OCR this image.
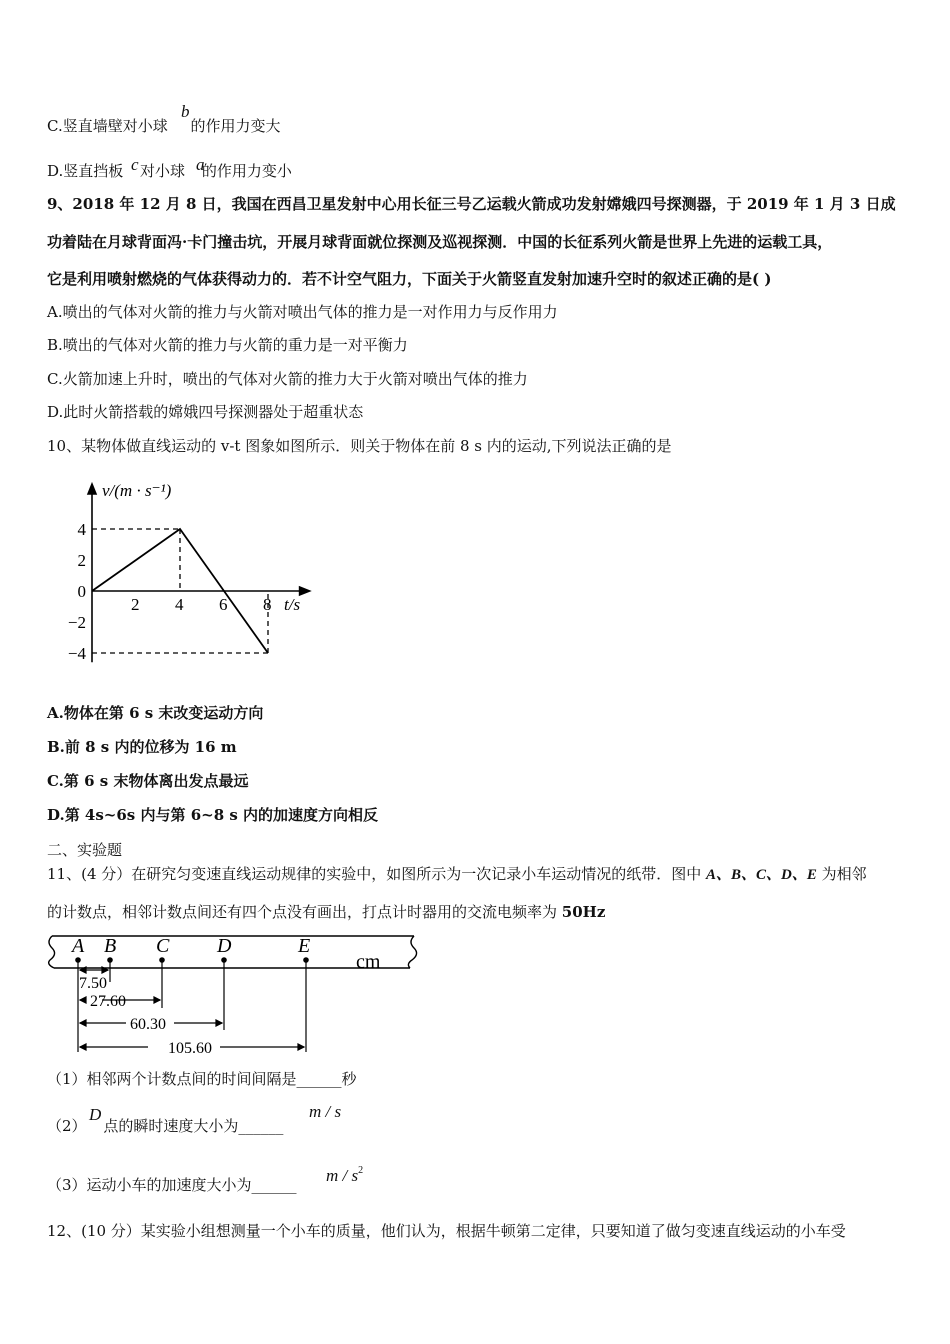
C.竖直墙壁对小球
b
的作用力变大
D.竖直挡板 c 对小球 a
的作用力变小
9、2018 年 12 月 8 日，我国在西昌卫星发射中心用长征三号乙运载火箭成功发射嫦娥四号探测器，于 2019 年 1 月 3 日成
功着陆在月球背面冯·卡门撞击坑，开展月球背面就位探测及巡视探测．中国的长征系列火箭是世界上先进的运载工具，
它是利用喷射燃烧的气体获得动力的．若不计空气阻力，下面关于火箭竖直发射加速升空时的叙述正确的是( )
A.喷出的气体对火箭的推力与火箭对喷出气体的推力是一对作用力与反作用力
B.喷出的气体对火箭的推力与火箭的重力是一对平衡力
C.火箭加速上升时，喷出的气体对火箭的推力大于火箭对喷出气体的推力
D.此时火箭搭载的嫦娥四号探测器处于超重状态
10、某物体做直线运动的 v-t 图象如图所示．则关于物体在前 8 s 内的运动,下列说法正确的是
2 4 6 8
4
2
0
−2
−4
v/(m · s⁻¹)
t/s
A.物体在第 6 s 末改变运动方向
B.前 8 s 内的位移为 16 m
C.第 6 s 末物体离出发点最远
D.第 4s~6s 内与第 6~8 s 内的加速度方向相反
二、实验题
11、(4 分）在研究匀变速直线运动规律的实验中，如图所示为一次记录小车运动情况的纸带．图中 A、B、C、D、E 为相邻
的计数点，相邻计数点间还有四个点没有画出，打点计时器用的交流电频率为 50Hz
A B C D	E
cm
7.50
27.60
60.30
105.60
（1）相邻两个计数点间的时间间隔是______秒
（2）
D
点的瞬时速度大小为______
m / s
（3）运动小车的加速度大小为______ m / $s^2$
12、(10 分）某实验小组想测量一个小车的质量，他们认为，根据牛顿第二定律，只要知道了做匀变速直线运动的小车受
